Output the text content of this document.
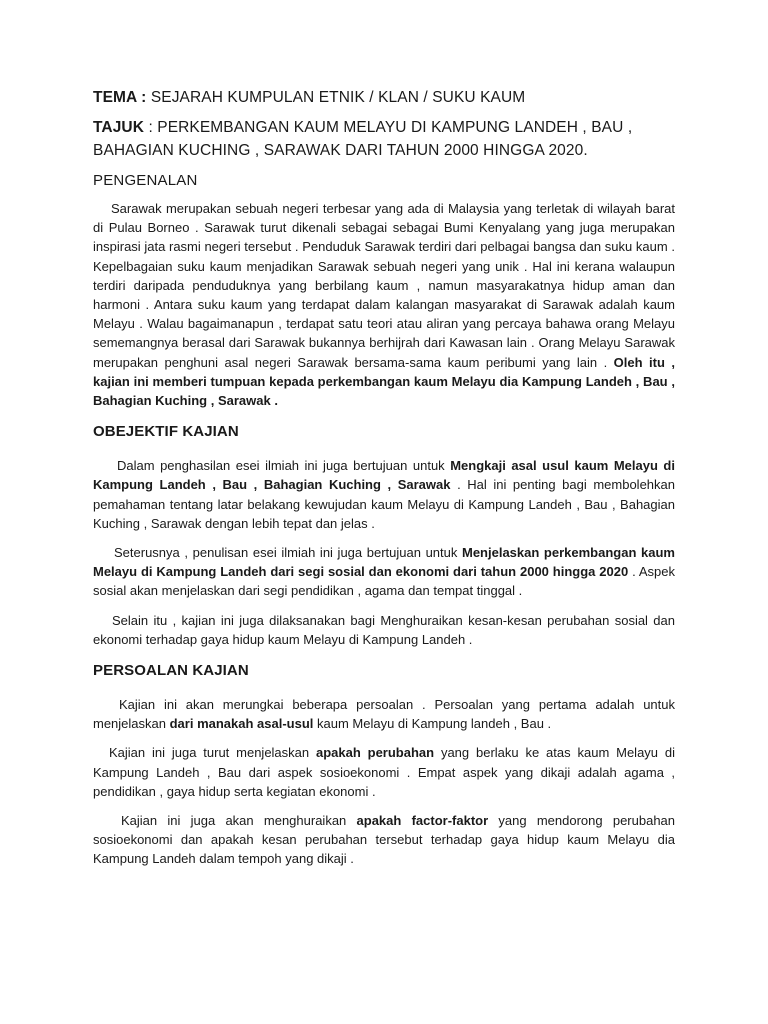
TEMA : SEJARAH KUMPULAN ETNIK / KLAN / SUKU KAUM
TAJUK : PERKEMBANGAN KAUM MELAYU DI KAMPUNG LANDEH , BAU , BAHAGIAN KUCHING , SARAWAK DARI TAHUN 2000 HINGGA 2020.
PENGENALAN

Sarawak merupakan sebuah negeri terbesar yang ada di Malaysia yang terletak di wilayah barat di Pulau Borneo . Sarawak turut dikenali sebagai sebagai Bumi Kenyalang yang juga merupakan inspirasi jata rasmi negeri tersebut . Penduduk Sarawak terdiri dari pelbagai bangsa dan suku kaum . Kepelbagaian suku kaum menjadikan Sarawak sebuah negeri yang unik . Hal ini kerana walaupun terdiri daripada penduduknya yang berbilang kaum , namun masyarakatnya hidup aman dan harmoni . Antara suku kaum yang terdapat dalam kalangan masyarakat di Sarawak adalah kaum Melayu . Walau bagaimanapun , terdapat satu teori atau aliran yang percaya bahawa orang Melayu sememangnya berasal dari Sarawak bukannya berhijrah dari Kawasan lain . Orang Melayu Sarawak merupakan penghuni asal negeri Sarawak bersama-sama kaum peribumi yang lain . Oleh itu , kajian ini memberi tumpuan kepada perkembangan kaum Melayu dia Kampung Landeh , Bau , Bahagian Kuching , Sarawak .

OBEJEKTIF KAJIAN

Dalam penghasilan esei ilmiah ini juga bertujuan untuk Mengkaji asal usul kaum Melayu di Kampung Landeh , Bau , Bahagian Kuching , Sarawak . Hal ini penting bagi membolehkan pemahaman tentang latar belakang kewujudan kaum Melayu di Kampung Landeh , Bau , Bahagian Kuching , Sarawak dengan lebih tepat dan jelas .

Seterusnya , penulisan esei ilmiah ini juga bertujuan untuk Menjelaskan perkembangan kaum Melayu di Kampung Landeh dari segi sosial dan ekonomi dari tahun 2000 hingga 2020 . Aspek sosial akan menjelaskan dari segi pendidikan , agama dan tempat tinggal .

Selain itu , kajian ini juga dilaksanakan bagi Menghuraikan kesan-kesan perubahan sosial dan ekonomi terhadap gaya hidup kaum Melayu di Kampung Landeh .

PERSOALAN KAJIAN

Kajian ini akan merungkai beberapa persoalan . Persoalan yang pertama adalah untuk menjelaskan dari manakah asal-usul kaum Melayu di Kampung landeh , Bau .

Kajian ini juga turut menjelaskan apakah perubahan yang berlaku ke atas kaum Melayu di Kampung Landeh , Bau dari aspek sosioekonomi . Empat aspek yang dikaji adalah agama , pendidikan , gaya hidup serta kegiatan ekonomi .

Kajian ini juga akan menghuraikan apakah factor-faktor yang mendorong perubahan sosioekonomi dan apakah kesan perubahan tersebut terhadap gaya hidup kaum Melayu dia Kampung Landeh dalam tempoh yang dikaji .
